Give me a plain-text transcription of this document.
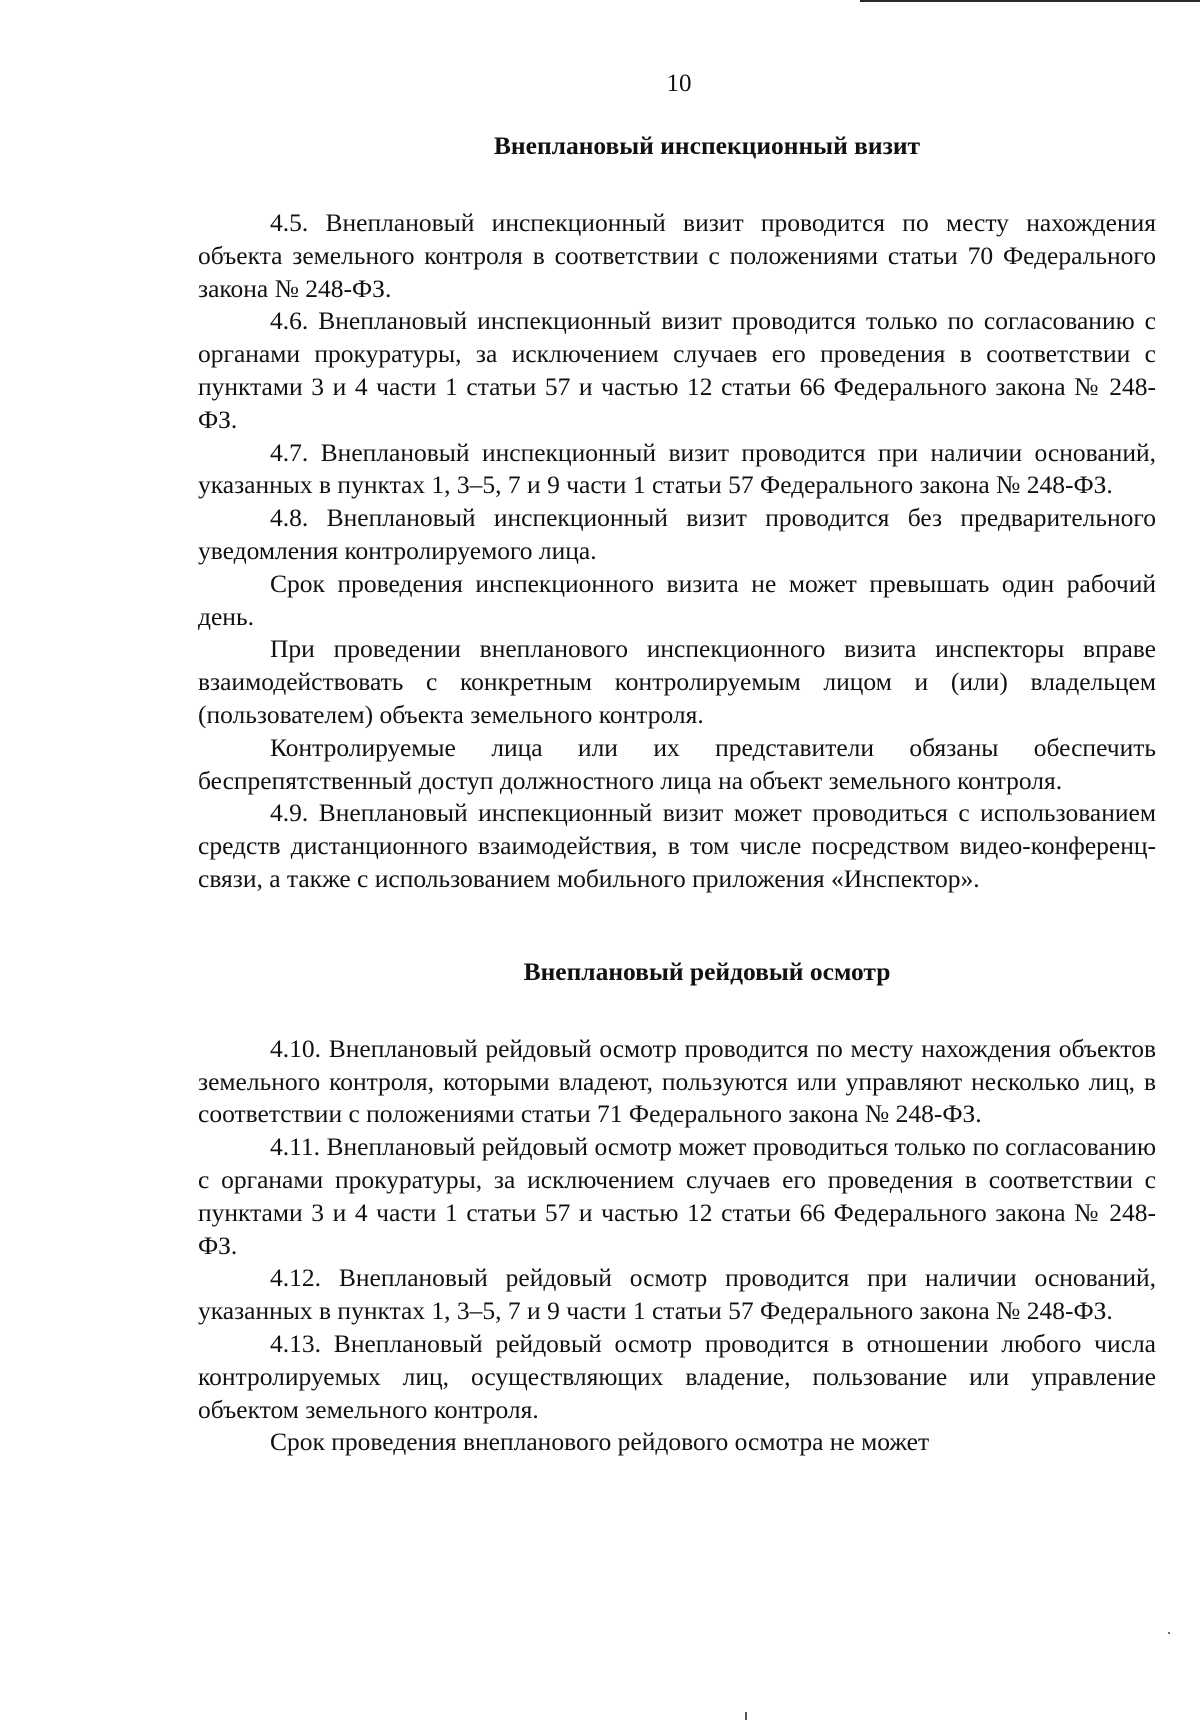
10
Внеплановый инспекционный визит

4.5. Внеплановый инспекционный визит проводится по месту нахождения объекта земельного контроля в соответствии с положениями статьи 70 Федерального закона № 248-ФЗ.

4.6. Внеплановый инспекционный визит проводится только по согласованию с органами прокуратуры, за исключением случаев его проведения в соответствии с пунктами 3 и 4 части 1 статьи 57 и частью 12 статьи 66 Федерального закона № 248-ФЗ.

4.7. Внеплановый инспекционный визит проводится при наличии оснований, указанных в пунктах 1, 3–5, 7 и 9 части 1 статьи 57 Федерального закона № 248-ФЗ.

4.8. Внеплановый инспекционный визит проводится без предварительного уведомления контролируемого лица.

Срок проведения инспекционного визита не может превышать один рабочий день.

При проведении внепланового инспекционного визита инспекторы вправе взаимодействовать с конкретным контролируемым лицом и (или) владельцем (пользователем) объекта земельного контроля.

Контролируемые лица или их представители обязаны обеспечить беспрепятственный доступ должностного лица на объект земельного контроля.

4.9. Внеплановый инспекционный визит может проводиться с использованием средств дистанционного взаимодействия, в том числе посредством видео-конференц-связи, а также с использованием мобильного приложения «Инспектор».

Внеплановый рейдовый осмотр

4.10. Внеплановый рейдовый осмотр проводится по месту нахождения объектов земельного контроля, которыми владеют, пользуются или управляют несколько лиц, в соответствии с положениями статьи 71 Федерального закона № 248-ФЗ.

4.11. Внеплановый рейдовый осмотр может проводиться только по согласованию с органами прокуратуры, за исключением случаев его проведения в соответствии с пунктами 3 и 4 части 1 статьи 57 и частью 12 статьи 66 Федерального закона № 248-ФЗ.

4.12. Внеплановый рейдовый осмотр проводится при наличии оснований, указанных в пунктах 1, 3–5, 7 и 9 части 1 статьи 57 Федерального закона № 248-ФЗ.

4.13. Внеплановый рейдовый осмотр проводится в отношении любого числа контролируемых лиц, осуществляющих владение, пользование или управление объектом земельного контроля.

Срок проведения внепланового рейдового осмотра не может
